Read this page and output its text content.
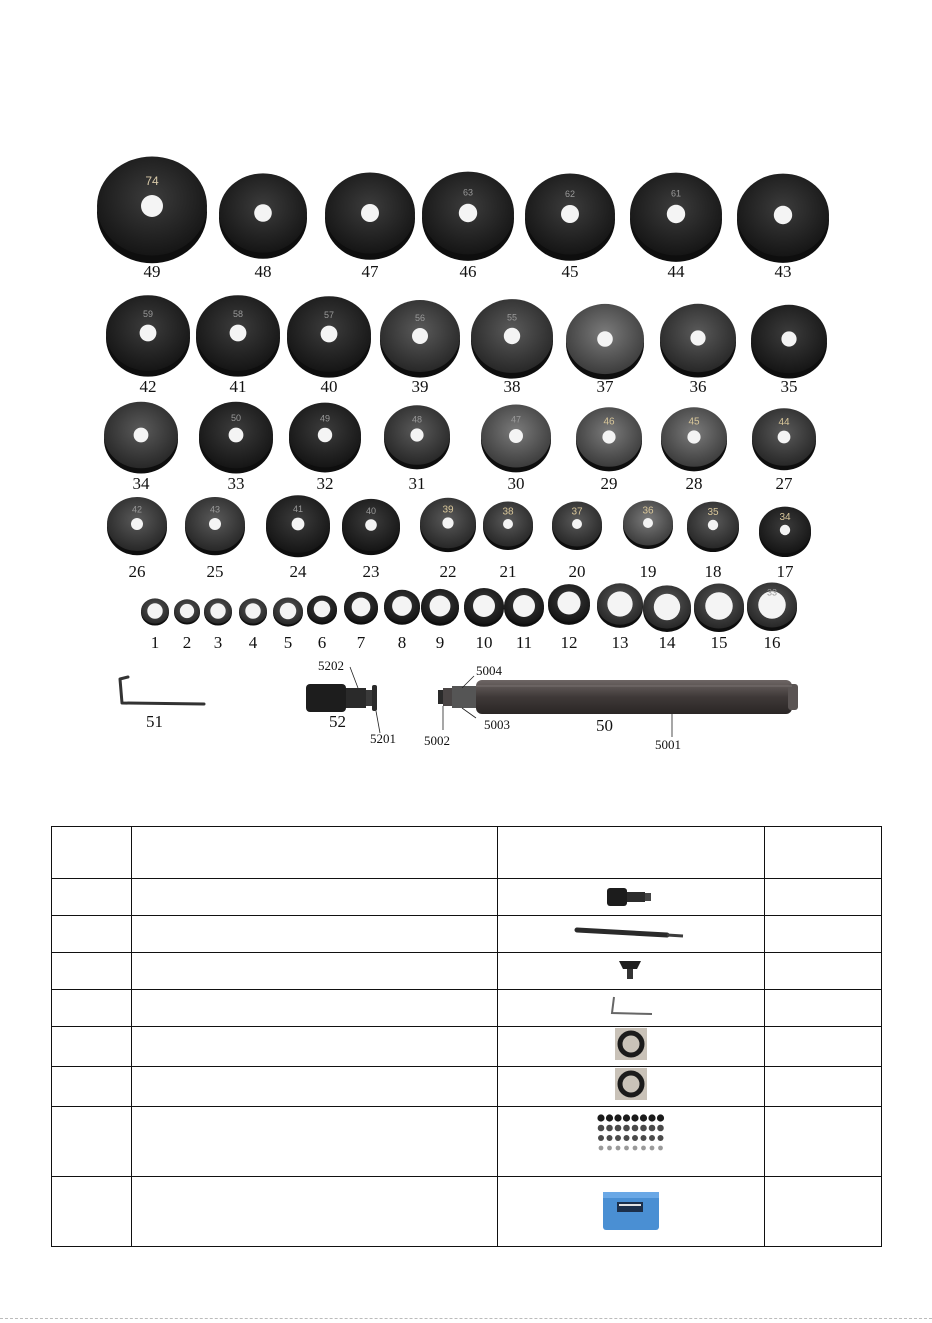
74
49	48	47
63
46
62
45
61
44	43
59
42
58
41
57
40
56
39
55
38	37	36	35
34
50
33
49
32
48
31
47
30
46
29
45
28
44
27
42
26
43
25
41
24
40
23
39
22
38
21
37
20
36
19
35
18
34
17
1 2 3 4 5 6 7 8 9 10 11 12 13 14 15
33
16
51	52
5202
5201
50
5004
5003
5002	5001
